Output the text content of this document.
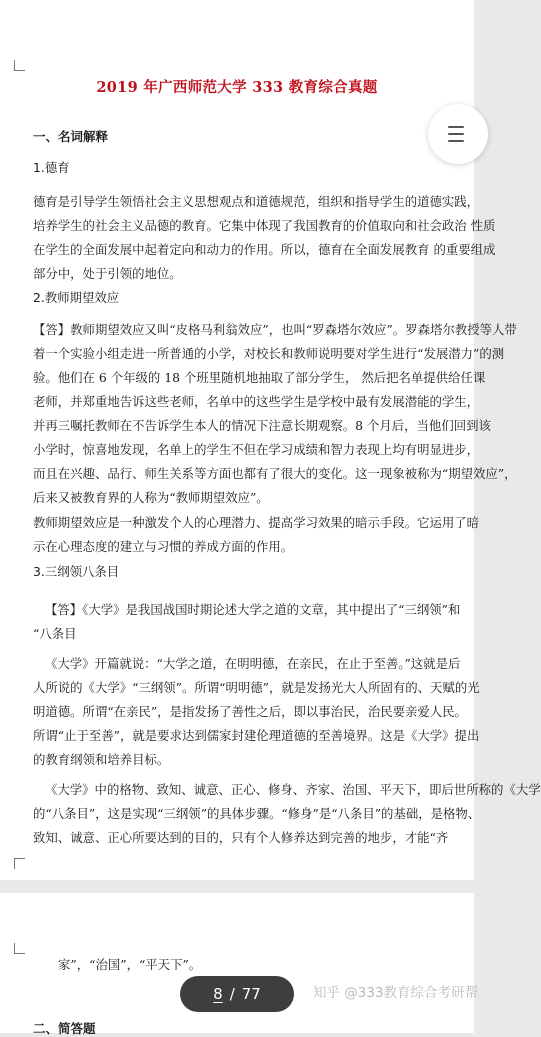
2019 年广西师范大学 333 教育综合真题
一、名词解释
1.德育
德育是引导学生领悟社会主义思想观点和道德规范，组织和指导学生的道德实践，
培养学生的社会主义品德的教育。它集中体现了我国教育的价值取向和社会政治 性质
在学生的全面发展中起着定向和动力的作用。所以，德育在全面发展教育 的重要组成
部分中，处于引领的地位。
2.教师期望效应
【答】教师期望效应又叫“皮格马利翁效应”，也叫“罗森塔尔效应”。罗森塔尔教授等人带
着一个实验小组走进一所普通的小学，对校长和教师说明要对学生进行“发展潜力”的测
验。他们在 6 个年级的 18 个班里随机地抽取了部分学生， 然后把名单提供给任课
老师，并郑重地告诉这些老师，名单中的这些学生是学校中最有发展潜能的学生，
并再三嘱托教师在不告诉学生本人的情况下注意长期观察。8 个月后，当他们回到该
小学时，惊喜地发现，名单上的学生不但在学习成绩和智力表现上均有明显进步，
而且在兴趣、品行、师生关系等方面也都有了很大的变化。这一现象被称为“期望效应”，
后来又被教育界的人称为“教师期望效应”。
教师期望效应是一种激发个人的心理潜力、提高学习效果的暗示手段。它运用了暗
示在心理态度的建立与习惯的养成方面的作用。
3.三纲领八条目
【答】《大学》是我国战国时期论述大学之道的文章，其中提出了“三纲领”和
“八条目
《大学》开篇就说：“大学之道，在明明德，在亲民，在止于至善。”这就是后
人所说的《大学》“三纲领”。所谓“明明德”，就是发扬光大人所固有的、天赋的光
明道德。所谓“在亲民”，是指发扬了善性之后，即以事治民，治民要亲爱人民。
所谓“止于至善”，就是要求达到儒家封建伦理道德的至善境界。这是《大学》提出
的教育纲领和培养目标。
《大学》中的格物、致知、诚意、正心、修身、齐家、治国、平天下，即后世所称的《大学
的“八条目”，这是实现“三纲领”的具体步骤。“修身”是“八条目”的基础，是格物、
致知、诚意、正心所要达到的目的，只有个人修养达到完善的地步，才能“齐
家”，“治国”，“平天下”。
二、简答题
8 / 77	知乎 @333教育综合考研帮
